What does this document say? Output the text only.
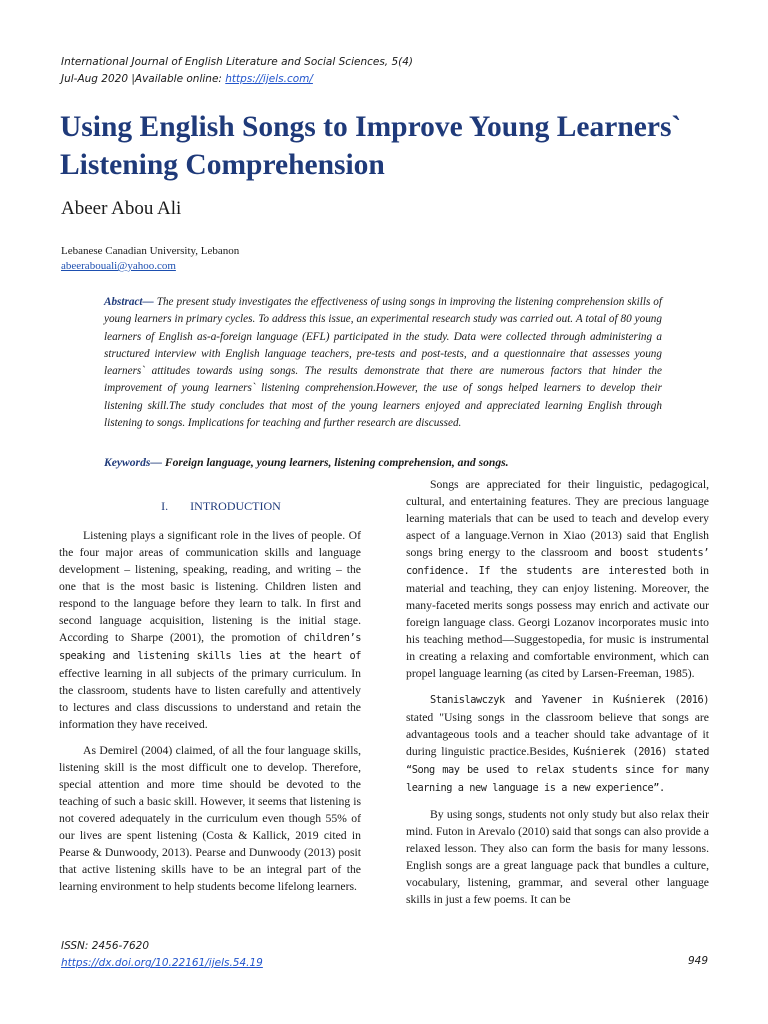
International Journal of English Literature and Social Sciences, 5(4)
Jul-Aug 2020 |Available online: https://ijels.com/
Using English Songs to Improve Young Learners` Listening Comprehension
Abeer Abou Ali
Lebanese Canadian University, Lebanon
abeerabouali@yahoo.com

Abstract— The present study investigates the effectiveness of using songs in improving the listening comprehension skills of young learners in primary cycles. To address this issue, an experimental research study was carried out. A total of 80 young learners of English as-a-foreign language (EFL) participated in the study. Data were collected through administering a structured interview with English language teachers, pre-tests and post-tests, and a questionnaire that assesses young learners` attitudes towards using songs. The results demonstrate that there are numerous factors that hinder the improvement of young learners` listening comprehension.However, the use of songs helped learners to develop their listening skill.The study concludes that most of the young learners enjoyed and appreciated learning English through listening to songs. Implications for teaching and further research are discussed.

Keywords— Foreign language, young learners, listening comprehension, and songs.
I. INTRODUCTION

Listening plays a significant role in the lives of people. Of the four major areas of communication skills and language development – listening, speaking, reading, and writing – the one that is the most basic is listening. Children listen and respond to the language before they learn to talk. In first and second language acquisition, listening is the initial stage. According to Sharpe (2001), the promotion of children’s speaking and listening skills lies at the heart of effective learning in all subjects of the primary curriculum. In the classroom, students have to listen carefully and attentively to lectures and class discussions to understand and retain the information they have received.

As Demirel (2004) claimed, of all the four language skills, listening skill is the most difficult one to develop. Therefore, special attention and more time should be devoted to the teaching of such a basic skill. However, it seems that listening is not covered adequately in the curriculum even though 55% of our lives are spent listening (Costa & Kallick, 2019 cited in Pearse & Dunwoody, 2013). Pearse and Dunwoody (2013) posit that active listening skills have to be an integral part of the learning environment to help students become lifelong learners.

Songs are appreciated for their linguistic, pedagogical, cultural, and entertaining features. They are precious language learning materials that can be used to teach and develop every aspect of a language.Vernon in Xiao (2013) said that English songs bring energy to the classroom and boost students’ confidence. If the students are interested both in material and teaching, they can enjoy listening. Moreover, the many-faceted merits songs possess may enrich and activate our foreign language class. Georgi Lozanov incorporates music into his teaching method—Suggestopedia, for music is instrumental in creating a relaxing and comfortable environment, which can propel language learning (as cited by Larsen-Freeman, 1985).

Stanislawczyk and Yavener in Kuśnierek (2016) stated "Using songs in the classroom believe that songs are advantageous tools and a teacher should take advantage of it during linguistic practice.Besides, Kuśnierek (2016) stated “Song may be used to relax students since for many learning a new language is a new experience”.

By using songs, students not only study but also relax their mind. Futon in Arevalo (2010) said that songs can also provide a relaxed lesson. They also can form the basis for many lessons. English songs are a great language pack that bundles a culture, vocabulary, listening, grammar, and several other language skills in just a few poems. It can be

ISSN: 2456-7620
https://dx.doi.org/10.22161/ijels.54.19	949
